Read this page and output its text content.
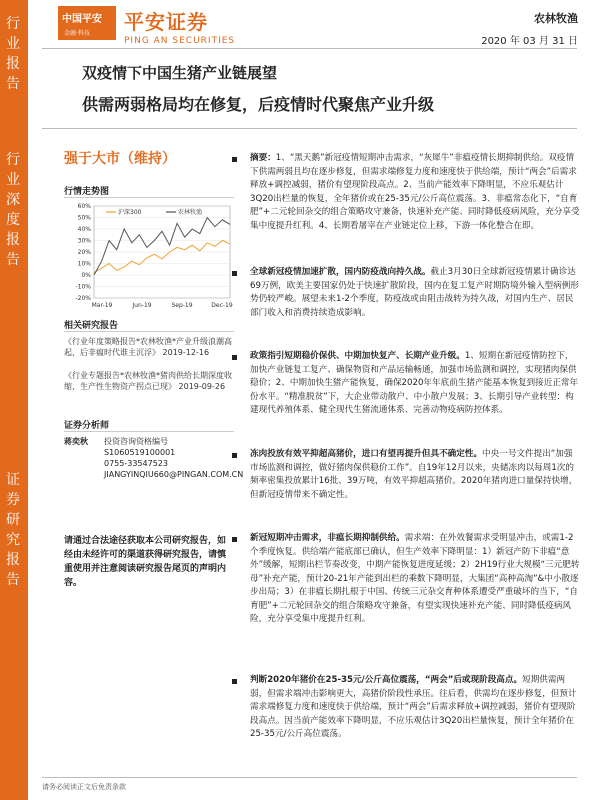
行业报告
行业深度报告
证券研究报告
中国平安
金融·科技 平安证券
PING AN SECURITIES
农林牧渔
2020 年 03 月 31 日
双疫情下中国生猪产业链展望
供需两弱格局均在修复，后疫情时代聚焦产业升级
强于大市（维持）
行情走势图
60%
50%
40%
30%
20%
10%
0%
-10%
-20%
Mar-19	Jun-19	Sep-19	Dec-19
沪深300	农林牧渔
相关研究报告
《行业年度策略报告*农林牧渔*产业升级浪潮高起，后非瘟时代谁主沉浮》 2019-12-16
《行业专题报告*农林牧渔*猪肉供给长期深度收缩，生产性生物资产拐点已现》 2019-09-26
证券分析师
蒋奕秋 投资咨询资格编号
S1060519100001
0755-33547523
JIANGYINQIU660@PINGAN.COM.CN
请通过合法途径获取本公司研究报告，如经由未经许可的渠道获得研究报告，请慎重使用并注意阅读研究报告尾页的声明内容。
摘要：1、“黑天鹅”新冠疫情短期冲击需求，“灰犀牛”非瘟疫情长期抑制供给。双疫情下供需两弱且均在逐步修复，但需求端修复力度和速度快于供给端，预计“两会”后需求释放+调控减弱，猪价有望现阶段高点。2、当前产能效率下降明显，不应乐观估计3Q20出栏量的恢复，全年猪价或在25-35元/公斤高位震荡。3、非瘟常态化下，“自育肥”+二元轮回杂交的组合策略攻守兼备，快速补充产能、同时降低疫病风险，充分享受集中度提升红利。4、长期看屠宰在产业链定位上移，下游一体化整合在即。
全球新冠疫情加速扩散，国内防疫战向持久战。截止3月30日全球新冠疫情累计确诊达69万例，欧美主要国家仍处于快速扩散阶段，国内在复工复产时期防境外输入型病例形势仍较严峻。展望未来1-2个季度，防疫战或由阻击战转为持久战，对国内生产、居民部门收入和消费持续造成影响。
政策指引短期稳价保供、中期加快复产、长期产业升级。1、短期在新冠疫情防控下，加快产业链复工复产、确保物资和产品运输畅通，加强市场监测和调控，实现猪肉保供稳价；2、中期加快生猪产能恢复，确保2020年年底前生猪产能基本恢复到接近正常年份水平。“精准脱贫”下，大企业带动散户、中小散户发展；3、长期引导产业转型：构建现代养殖体系、健全现代生猪流通体系、完善动物疫病防控体系。
冻肉投放有效平抑超高猪价，进口有望再提升但具不确定性。中央一号文件提出“加强市场监测和调控，做好猪肉保供稳价工作”。自19年12月以来，央储冻肉以每周1次的频率密集投放累计16批、39万吨，有效平抑超高猪价。2020年猪肉进口量保持快增，但新冠疫情带来不确定性。
新冠短期冲击需求，非瘟长期抑制供给。需求端：在外效餐需求受明显冲击，或需1-2个季度恢复。供给端产能底部已确认，但生产效率下降明显：1）新冠产防下非瘟“意外”缓解，短期出栏节奏改变，中期产能恢复进度延缓；2）2H19行业大规模“三元肥转母”补充产能，预计20-21年产能到出栏的乘数下降明显，大集团“高种高淘”&中小散逐步出局；3）在非瘟长期扎根于中国、传统三元杂交育种体系遭受严重破坏的当下，“自育肥”+二元轮回杂交的组合策略攻守兼备，有望实现快速补充产能、同时降低疫病风险，充分享受集中度提升红利。
判断2020年猪价在25-35元/公斤高位震荡，“两会”后或现阶段高点。短期供需两弱，但需求端冲击影响更大，高猪价阶段性承压。往后看，供需均在逐步修复，但预计需求端修复力度和速度快于供给端，预计“两会”后需求释放+调控减弱，猪价有望现阶段高点。因当前产能效率下降明显，不应乐观估计3Q20出栏量恢复，预计全年猪价在25-35元/公斤高位震荡。
请务必阅读正文后免责条款
